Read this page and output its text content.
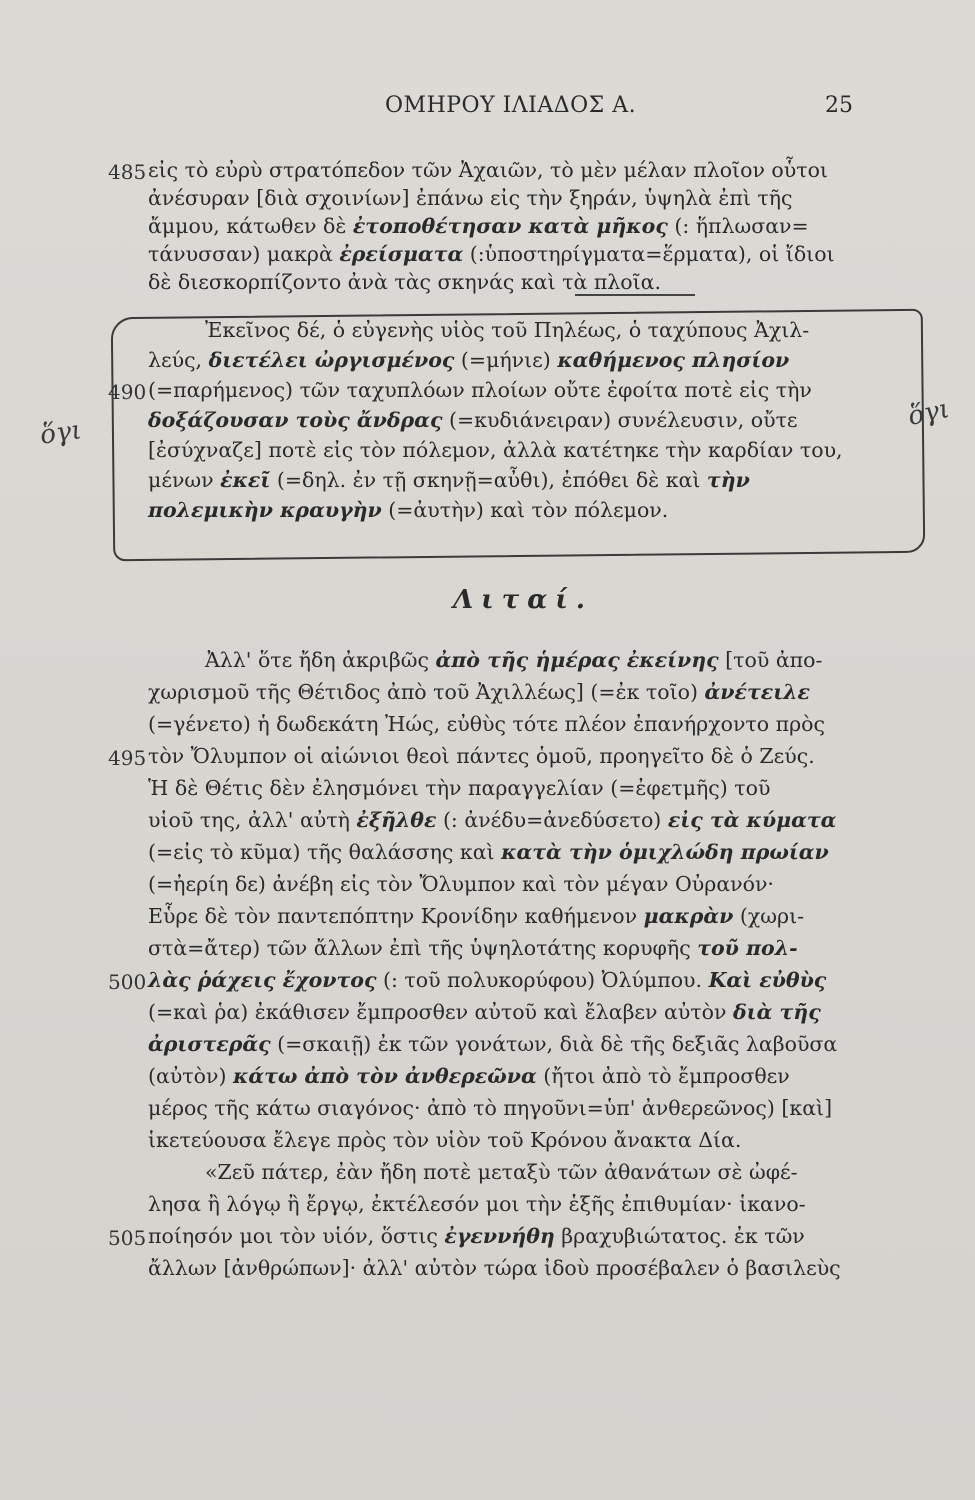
ΟΜΗΡΟΥ ΙΛΙΑΔΟΣ Α.	25
485
490
495
500
505
ὅγι
ὅγι
εἰς τὸ εὐρὺ στρατόπεδον τῶν Ἀχαιῶν, τὸ μὲν μέλαν πλοῖον οὗτοι
ἀνέσυραν [διὰ σχοινίων] ἐπάνω εἰς τὴν ξηράν, ὑψηλὰ ἐπὶ τῆς
ἄμμου, κάτωθεν δὲ ἐτοποθέτησαν κατὰ μῆκος (: ἥπλωσαν=
τάνυσσαν) μακρὰ ἐρείσματα (:ὑποστηρίγματα=ἕρματα), οἱ ἴδιοι
δὲ διεσκορπίζοντο ἀνὰ τὰς σκηνάς καὶ τὰ πλοῖα.
Ἐκεῖνος δέ, ὁ εὐγενὴς υἱὸς τοῦ Πηλέως, ὁ ταχύπους Ἀχιλ-
λεύς, διετέλει ὠργισμένος (=μήνιε) καθήμενος πλησίον
(=παρήμενος) τῶν ταχυπλόων πλοίων οὔτε ἐφοίτα ποτὲ εἰς τὴν
δοξάζουσαν τοὺς ἄνδρας (=κυδιάνειραν) συνέλευσιν, οὔτε
[ἐσύχναζε] ποτὲ εἰς τὸν πόλεμον, ἀλλὰ κατέτηκε τὴν καρδίαν του,
μένων ἐκεῖ (=δηλ. ἐν τῇ σκηνῇ=αὖθι), ἐπόθει δὲ καὶ τὴν
πολεμικὴν κραυγὴν (=ἀυτὴν) καὶ τὸν πόλεμον.
Λιταί.
Ἀλλ' ὅτε ἤδη ἀκριβῶς ἀπὸ τῆς ἡμέρας ἐκείνης [τοῦ ἀπο-
χωρισμοῦ τῆς Θέτιδος ἀπὸ τοῦ Ἀχιλλέως] (=ἐκ τοῖο) ἀνέτειλε
(=γένετο) ἡ δωδεκάτη Ἠώς, εὐθὺς τότε πλέον ἐπανήρχοντο πρὸς
τὸν Ὄλυμπον οἱ αἰώνιοι θεοὶ πάντες ὁμοῦ, προηγεῖτο δὲ ὁ Ζεύς.
Ἡ δὲ Θέτις δὲν ἐλησμόνει τὴν παραγγελίαν (=ἐφετμῆς) τοῦ
υἱοῦ της, ἀλλ' αὐτὴ ἐξῆλθε (: ἀνέδυ=ἀνεδύσετο) εἰς τὰ κύματα
(=εἰς τὸ κῦμα) τῆς θαλάσσης καὶ κατὰ τὴν ὁμιχλώδη πρωίαν
(=ἠερίη δε) ἀνέβη εἰς τὸν Ὄλυμπον καὶ τὸν μέγαν Οὐρανόν·
Εὗρε δὲ τὸν παντεπόπτην Κρονίδην καθήμενον μακρὰν (χωρι-
στὰ=ἄτερ) τῶν ἄλλων ἐπὶ τῆς ὑψηλοτάτης κορυφῆς τοῦ πολ-
λὰς ῥάχεις ἔχοντος (: τοῦ πολυκορύφου) Ὀλύμπου. Καὶ εὐθὺς
(=καὶ ῥα) ἐκάθισεν ἔμπροσθεν αὐτοῦ καὶ ἔλαβεν αὐτὸν διὰ τῆς
ἀριστερᾶς (=σκαιῇ) ἐκ τῶν γονάτων, διὰ δὲ τῆς δεξιᾶς λαβοῦσα
(αὐτὸν) κάτω ἀπὸ τὸν ἀνθερεῶνα (ἤτοι ἀπὸ τὸ ἔμπροσθεν
μέρος τῆς κάτω σιαγόνος· ἀπὸ τὸ πηγοῦνι=ὑπ' ἀνθερεῶνος) [καὶ]
ἱκετεύουσα ἔλεγε πρὸς τὸν υἱὸν τοῦ Κρόνου ἄνακτα Δία.
«Ζεῦ πάτερ, ἐὰν ἤδη ποτὲ μεταξὺ τῶν ἀθανάτων σὲ ὠφέ-
λησα ἢ λόγῳ ἢ ἔργῳ, ἐκτέλεσόν μοι τὴν ἑξῆς ἐπιθυμίαν· ἱκανο-
ποίησόν μοι τὸν υἱόν, ὅστις ἐγεννήθη βραχυβιώτατος. ἐκ τῶν
ἄλλων [ἀνθρώπων]· ἀλλ' αὐτὸν τώρα ἰδοὺ προσέβαλεν ὁ βασιλεὺς
